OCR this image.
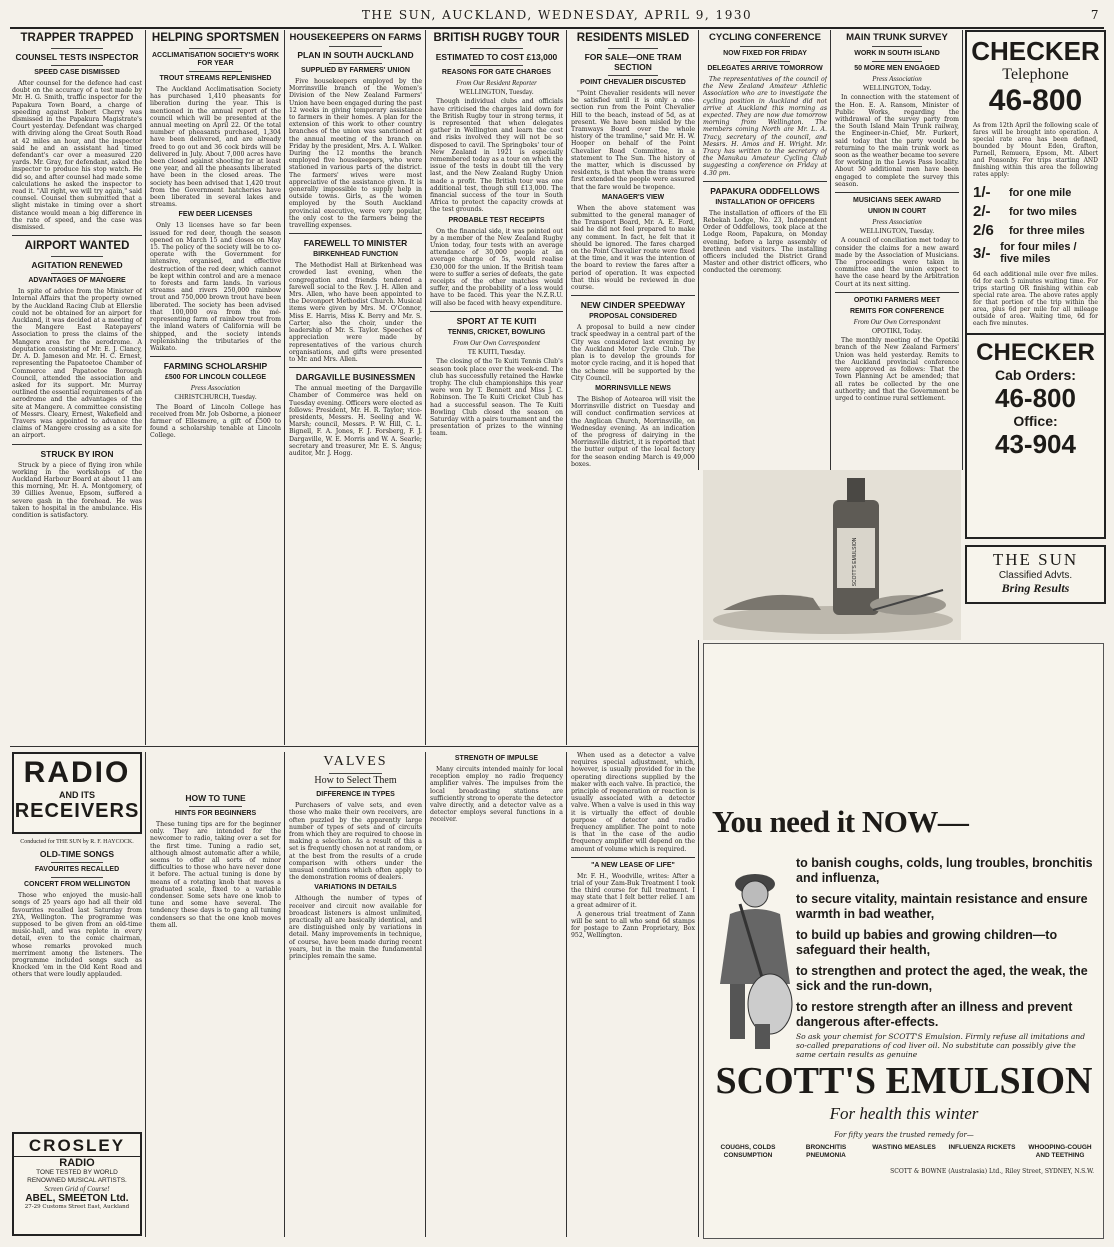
THE SUN, AUCKLAND, WEDNESDAY, APRIL 9, 1930	7
TRAPPER TRAPPED
COUNSEL TESTS INSPECTOR
SPEED CASE DISMISSED

After counsel for the defence had cast doubt on the accuracy of a test made by Mr. H. G. Smith, traffic inspector for the Papakura Town Board, a charge of speeding against Robert Cherry was dismissed in the Papakura Magistrate's Court yesterday. Defendant was charged with driving along the Great South Road at 42 miles an hour, and the inspector said he and an assistant had timed defendant's car over a measured 220 yards. Mr. Gray, for defendant, asked the inspector to produce his stop watch. He did so, and after counsel had made some calculations he asked the inspector to read it. "All right, we will try again," said counsel. Counsel then submitted that a slight mistake in timing over a short distance would mean a big difference in the rate of speed, and the case was dismissed.

AIRPORT WANTED
AGITATION RENEWED
ADVANTAGES OF MANGERE

In spite of advice from the Minister of Internal Affairs that the property owned by the Auckland Racing Club at Ellerslie could not be obtained for an airport for Auckland, it was decided at a meeting of the Mangere East Ratepayers' Association to press the claims of the Mangere area for the aerodrome. A deputation consisting of Mr. E. J. Clancy, Dr. A. D. Jameson and Mr. H. C. Ernest, representing the Papatoetoe Chamber of Commerce and Papatoetoe Borough Council, attended the association and asked for its support. Mr. Murray outlined the essential requirements of an aerodrome and the advantages of the site at Mangere. A committee consisting of Messrs. Cleary, Ernest, Wakefield and Travers was appointed to advance the claims of Mangere crossing as a site for an airport.

STRUCK BY IRON

Struck by a piece of flying iron while working in the workshops of the Auckland Harbour Board at about 11 am this morning, Mr. H. A. Montgomery, of 39 Gillies Avenue, Epsom, suffered a severe gash in the forehead. He was taken to hospital in the ambulance. His condition is satisfactory.

HELPING SPORTSMEN
ACCLIMATISATION SOCIETY'S WORK FOR YEAR
TROUT STREAMS REPLENISHED

The Auckland Acclimatisation Society has purchased 1,410 pheasants for liberation during the year. This is mentioned in the annual report of the council which will be presented at the annual meeting on April 22. Of the total number of pheasants purchased, 1,304 have been delivered, and are already freed to go out and 36 cock birds will be delivered in July. About 7,000 acres have been closed against shooting for at least one year, and all the pheasants liberated have been in the closed areas. The society has been advised that 1,420 trout from the Government hatcheries have been liberated in several lakes and streams.

FEW DEER LICENSES

Only 13 licenses have so far been issued for red deer, though the season opened on March 15 and closes on May 15. The policy of the society will be to co-operate with the Government for intensive, organised, and effective destruction of the red deer, which cannot be kept within control and are a menace to forests and farm lands. In various streams and rivers 250,000 rainbow trout and 750,000 brown trout have been liberated. The society has been advised that 100,000 ova from the mé-representing farm of rainbow trout from the inland waters of California will be shipped, and the society intends replenishing the tributaries of the Waikato.

FARMING SCHOLARSHIP
£500 FOR LINCOLN COLLEGE
Press Association
CHRISTCHURCH, Tuesday.

The Board of Lincoln College has received from Mr. Job Osborne, a pioneer farmer of Ellesmere, a gift of £500 to found a scholarship tenable at Lincoln College.

HOUSEKEEPERS ON FARMS
PLAN IN SOUTH AUCKLAND
SUPPLIED BY FARMERS' UNION

Five housekeepers employed by the Morrinsville branch of the Women's Division of the New Zealand Farmers' Union have been engaged during the past 12 weeks in giving temporary assistance to farmers in their homes. A plan for the extension of this work to other country branches of the union was sanctioned at the annual meeting of the branch on Friday by the president, Mrs. A. I. Walker. During the 12 months the branch employed five housekeepers, who were stationed in various parts of the district. The farmers' wives were most appreciative of the assistance given. It is generally impossible to supply help in outside towns. Girls, as the women employed by the South Auckland provincial executive, were very popular, the only cost to the farmers being the travelling expenses.

FAREWELL TO MINISTER
BIRKENHEAD FUNCTION

The Methodist Hall at Birkenhead was crowded last evening, when the congregation and friends tendered a farewell social to the Rev. J. H. Allen and Mrs. Allen, who have been appointed to the Devonport Methodist Church. Musical items were given by Mrs. M. O'Connor, Miss E. Harris, Miss K. Berry and Mr. S. Carter, also the choir, under the leadership of Mr. S. Taylor. Speeches of appreciation were made by representatives of the various church organisations, and gifts were presented to Mr. and Mrs. Allen.

DARGAVILLE BUSINESSMEN

The annual meeting of the Dargaville Chamber of Commerce was held on Tuesday evening. Officers were elected as follows: President, Mr. H. R. Taylor; vice-presidents, Messrs. H. Seeling and W. Marsh; council, Messrs. P. W. Hill, C. L. Bignell, F. A. Jones, F. J. Forsberg, F. J. Dargaville, W. E. Morris and W. A. Searle; secretary and treasurer, Mr. E. S. Angus; auditor, Mr. J. Hogg.

BRITISH RUGBY TOUR
ESTIMATED TO COST £13,000
REASONS FOR GATE CHARGES
From Our Resident Reporter
WELLINGTON, Tuesday.

Though individual clubs and officials have criticised the charges laid down for the British Rugby tour in strong terms, it is represented that when delegates gather in Wellington and learn the cost and risks involved they will not be so disposed to cavil. The Springboks' tour of New Zealand in 1921 is especially remembered today as a tour on which the issue of the tests in doubt till the very last, and the New Zealand Rugby Union made a profit. The British tour was one additional test, though still £13,000. The financial success of the tour in South Africa to protect the capacity crowds at the test grounds.

PROBABLE TEST RECEIPTS

On the financial side, it was pointed out by a member of the New Zealand Rugby Union today, four tests with an average attendance of 30,000 people at an average charge of 5s, would realise £30,000 for the union. If the British team were to suffer a series of defeats, the gate receipts of the other matches would suffer, and the probability of a loss would have to be faced. This year the N.Z.R.U. will also be faced with heavy expenditure.

SPORT AT TE KUITI
TENNIS, CRICKET, BOWLING
From Our Own Correspondent
TE KUITI, Tuesday.

The closing of the Te Kuiti Tennis Club's season took place over the week-end. The club has successfully retained the Hawke trophy. The club championships this year were won by T. Bennett and Miss J. C. Robinson. The Te Kuiti Cricket Club has had a successful season. The Te Kuiti Bowling Club closed the season on Saturday with a pairs tournament and the presentation of prizes to the winning team.

RESIDENTS MISLED
FOR SALE—ONE TRAM SECTION
POINT CHEVALIER DISCUSTED

"Point Chevalier residents will never be satisfied until it is only a one-section run from the Point Chevalier Hill to the beach, instead of 5d, as at present. We have been misled by the Tramways Board over the whole history of the tramline," said Mr. H. W. Hooper on behalf of the Point Chevalier Road Committee, in a statement to The Sun. The history of the matter, which is discussed by residents, is that when the trams were first extended the people were assured that the fare would be twopence.

MANAGER'S VIEW

When the above statement was submitted to the general manager of the Transport Board, Mr. A. E. Ford, said he did not feel prepared to make any comment. In fact, he felt that it should be ignored. The fares charged on the Point Chevalier route were fixed at the time, and it was the intention of the board to review the fares after a period of operation. It was expected that this would be reviewed in due course.

NEW CINDER SPEEDWAY
PROPOSAL CONSIDERED

A proposal to build a new cinder track speedway in a central part of the City was considered last evening by the Auckland Motor Cycle Club. The plan is to develop the grounds for motor cycle racing, and it is hoped that the scheme will be supported by the City Council.

MORRINSVILLE NEWS

The Bishop of Aotearoa will visit the Morrinsville district on Tuesday and will conduct confirmation services at the Anglican Church, Morrinsville, on Wednesday evening. As an indication of the progress of dairying in the Morrinsville district, it is reported that the butter output of the local factory for the season ending March is 49,000 boxes.

CYCLING CONFERENCE
NOW FIXED FOR FRIDAY
DELEGATES ARRIVE TOMORROW

The representatives of the council of the New Zealand Amateur Athletic Association who are to investigate the cycling position in Auckland did not arrive at Auckland this morning as expected. They are now due tomorrow morning from Wellington. The members coming North are Mr. L. A. Tracy, secretary of the council, and Messrs. H. Amos and H. Wright. Mr. Tracy has written to the secretary of the Manukau Amateur Cycling Club suggesting a conference on Friday at 4.30 pm.

PAPAKURA ODDFELLOWS
INSTALLATION OF OFFICERS

The installation of officers of the Eli Rebekah Lodge, No. 23, Independent Order of Oddfellows, took place at the Lodge Room, Papakura, on Monday evening, before a large assembly of brethren and visitors. The installing officers included the District Grand Master and other district officers, who conducted the ceremony.

MAIN TRUNK SURVEY
WORK IN SOUTH ISLAND
50 MORE MEN ENGAGED
Press Association
WELLINGTON, Today.

In connection with the statement of the Hon. E. A. Ransom, Minister of Public Works, regarding the withdrawal of the survey party from the South Island Main Trunk railway, the Engineer-in-Chief, Mr. Furkert, said today that the party would be returning to the main trunk work as soon as the weather became too severe for working in the Lewis Pass locality. About 50 additional men have been engaged to complete the survey this season.

MUSICIANS SEEK AWARD
UNION IN COURT
Press Association
WELLINGTON, Tuesday.

A council of conciliation met today to consider the claims for a new award made by the Association of Musicians. The proceedings were taken in committee and the union expect to have the case heard by the Arbitration Court at its next sitting.

OPOTIKI FARMERS MEET
REMITS FOR CONFERENCE
From Our Own Correspondent
OPOTIKI, Today.

The monthly meeting of the Opotiki branch of the New Zealand Farmers' Union was held yesterday. Remits to the Auckland provincial conference were approved as follows: That the Town Planning Act be amended; that all rates be collected by the one authority; and that the Government be urged to continue rural settlement.

CHECKER
Telephone
46-800
As from 12th April the following scale of fares will be brought into operation. A special rate area has been defined, bounded by Mount Eden, Grafton, Parnell, Remuera, Epsom, Mt. Albert and Ponsonby. For trips starting AND finishing within this area the following rates apply:
1/-	for one mile
2/-	for two miles
2/6	for three miles
3/- for four miles / five miles
6d each additional mile over five miles. 6d for each 5 minutes waiting time. For trips starting OR finishing within cab special rate area. The above rates apply for that portion of the trip within the area, plus 6d per mile for all mileage outside of area. Waiting time, 6d for each five minutes.
CHECKER
Cab Orders:
46-800
Office:
43-904
THE SUN
Classified Advts.
Bring Results
SCOTT'S EMULSION
RADIO
AND ITS
RECEIVERS
Conducted for THE SUN by R. F. HAYCOCK.
OLD-TIME SONGS
FAVOURITES RECALLED
CONCERT FROM WELLINGTON

Those who enjoyed the music-hall songs of 25 years ago had all their old favourites recalled last Saturday from 2YA, Wellington. The programme was supposed to be given from an old-time music-hall, and was replete in every detail, even to the comic chairman, whose remarks provoked much merriment among the listeners. The programme included songs such as Knocked 'em in the Old Kent Road and others that were loudly applauded.

CROSLEY
RADIO
TONE TESTED BY WORLD RENOWNED MUSICAL ARTISTS.
Screen Grid of Course!
ABEL, SMEETON Ltd.
27-29 Customs Street East, Auckland
HOW TO TUNE
HINTS FOR BEGINNERS

These tuning tips are for the beginner only. They are intended for the newcomer to radio, taking over a set for the first time. Tuning a radio set, although almost automatic after a while, seems to offer all sorts of minor difficulties to those who have never done it before. The actual tuning is done by means of a rotating knob that moves a graduated scale, fixed to a variable condenser. Some sets have one knob to tune and some have several. The tendency these days is to gang all tuning condensers so that the one knob moves them all.

VALVES
How to Select Them
DIFFERENCE IN TYPES

Purchasers of valve sets, and even those who make their own receivers, are often puzzled by the apparently large number of types of sets and of circuits from which they are required to choose in making a selection. As a result of this a set is frequently chosen not at random, or at the best from the results of a crude comparison with others under the unusual conditions which often apply to the demonstration rooms of dealers.

VARIATIONS IN DETAILS

Although the number of types of receiver and circuit now available for broadcast listeners is almost unlimited, practically all are basically identical, and are distinguished only by variations in detail. Many improvements in technique, of course, have been made during recent years, but in the main the fundamental principles remain the same.

STRENGTH OF IMPULSE

Many circuits intended mainly for local reception employ no radio frequency amplifier valves. The impulses from the local broadcasting stations are sufficiently strong to operate the detector valve directly, and a detector valve as a detector employs several functions in a receiver.

When used as a detector a valve requires special adjustment, which, however, is usually provided for in the operating directions supplied by the maker with each valve. In practice, the principle of regeneration or reaction is usually associated with a detector valve. When a valve is used in this way it is virtually the effect of double purpose of detector and radio frequency amplifier. The point to note is that in the case of the audio frequency amplifier will depend on the amount of volume which is required.

"A NEW LEASE OF LIFE"

Mr. F. H., Woodville, writes: After a trial of your Zam-Buk Treatment I took the third course for full treatment. I may state that I felt better relief. I am a great admirer of it.

A generous trial treatment of Zann will be sent to all who send 6d stamps for postage to Zann Proprietary, Box 952, Wellington.

You need it NOW—
to banish coughs, colds, lung troubles, bronchitis and influenza,
to secure vitality, maintain resistance and ensure warmth in bad weather,
to build up babies and growing children—to safeguard their health,
to strengthen and protect the aged, the weak, the sick and the run-down,
to restore strength after an illness and prevent dangerous after-effects.
So ask your chemist for SCOTT'S Emulsion. Firmly refuse all imitations and so-called preparations of cod liver oil. No substitute can possibly give the same certain results as genuine
SCOTT'S EMULSION
For health this winter
For fifty years the trusted remedy for—
COUGHS, COLDS CONSUMPTION
BRONCHITIS PNEUMONIA
WASTING MEASLES	INFLUENZA RICKETS	WHOOPING-COUGH AND TEETHING
SCOTT & BOWNE (Australasia) Ltd., Riley Street, SYDNEY, N.S.W.
